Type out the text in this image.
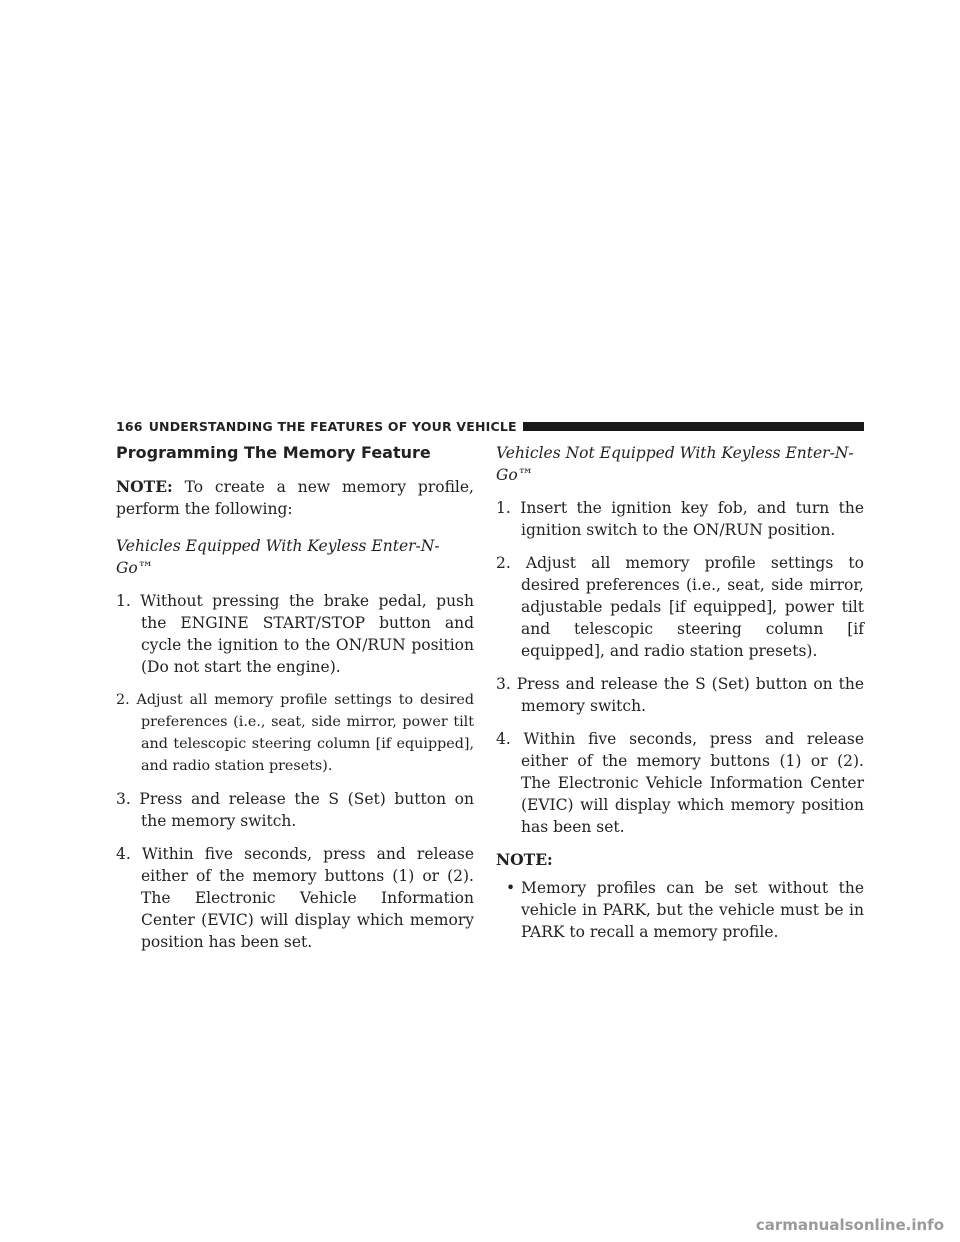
166 UNDERSTANDING THE FEATURES OF YOUR VEHICLE
Programming The Memory Feature

NOTE: To create a new memory profile, perform the following:

Vehicles Equipped With Keyless Enter-N-Go™
1. Without pressing the brake pedal, push the ENGINE START/STOP button and cycle the ignition to the ON/RUN position (Do not start the engine).
2. Adjust all memory profile settings to desired preferences (i.e., seat, side mirror, power tilt and telescopic steering column [if equipped], and radio station presets).
3. Press and release the S (Set) button on the memory switch.
4. Within five seconds, press and release either of the memory buttons (1) or (2). The Electronic Vehicle Information Center (EVIC) will display which memory position has been set.
Vehicles Not Equipped With Keyless Enter-N-Go™
1. Insert the ignition key fob, and turn the ignition switch to the ON/RUN position.
2. Adjust all memory profile settings to desired preferences (i.e., seat, side mirror, adjustable pedals [if equipped], power tilt and telescopic steering column [if equipped], and radio station presets).
3. Press and release the S (Set) button on the memory switch.
4. Within five seconds, press and release either of the memory buttons (1) or (2). The Electronic Vehicle Information Center (EVIC) will display which memory position has been set.
NOTE:
• Memory profiles can be set without the vehicle in PARK, but the vehicle must be in PARK to recall a memory profile.
carmanualsonline.info
